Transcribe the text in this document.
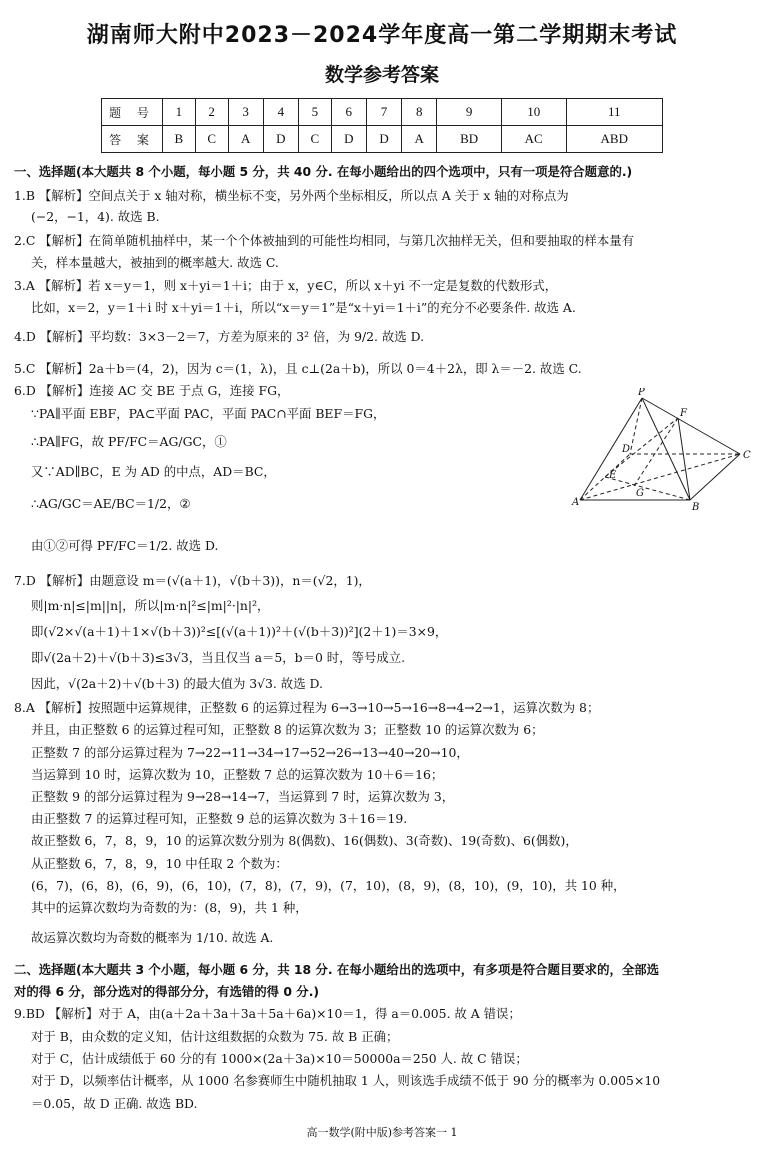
湖南师大附中2023－2024学年度高一第二学期期末考试
数学参考答案
题 号	1	2	3	4	5	6	7	8	9	10	11
答 案	B	C	A	D	C	D	D	A	BD	AC	ABD
一、选择题(本大题共 8 个小题，每小题 5 分，共 40 分. 在每小题给出的四个选项中，只有一项是符合题意的.)
1.B 【解析】空间点关于 x 轴对称，横坐标不变，另外两个坐标相反，所以点 A 关于 x 轴的对称点为
(−2，−1，4). 故选 B.
2.C 【解析】在简单随机抽样中，某一个个体被抽到的可能性均相同，与第几次抽样无关，但和要抽取的样本量有
关，样本量越大，被抽到的概率越大. 故选 C.
3.A 【解析】若 x＝y＝1，则 x＋yi＝1＋i；由于 x，y∈C，所以 x＋yi 不一定是复数的代数形式，
比如，x＝2，y＝1＋i 时 x＋yi＝1＋i，所以“x＝y＝1”是“x＋yi＝1＋i”的充分不必要条件. 故选 A.
4.D 【解析】平均数：3×3－2＝7，方差为原来的 3² 倍，为 9/2. 故选 D.
5.C 【解析】2a＋b＝(4，2)，因为 c＝(1，λ)，且 c⊥(2a＋b)，所以 0＝4＋2λ，即 λ＝－2. 故选 C.
6.D 【解析】连接 AC 交 BE 于点 G，连接 FG，
∵PA∥平面 EBF，PA⊂平面 PAC，平面 PAC∩平面 BEF＝FG，
∴PA∥FG，故 PF/FC＝AG/GC，①
又∵AD∥BC，E 为 AD 的中点，AD＝BC，
∴AG/GC＝AE/BC＝1/2，②
由①②可得 PF/FC＝1/2. 故选 D.
7.D 【解析】由题意设 m＝(√(a＋1)，√(b＋3))，n＝(√2，1)，
则|m·n|≤|m||n|，所以|m·n|²≤|m|²·|n|²，
即(√2×√(a＋1)＋1×√(b＋3))²≤[(√(a＋1))²＋(√(b＋3))²](2＋1)＝3×9，
即√(2a＋2)＋√(b＋3)≤3√3，当且仅当 a＝5，b＝0 时，等号成立.
因此，√(2a＋2)＋√(b＋3) 的最大值为 3√3. 故选 D.
8.A 【解析】按照题中运算规律，正整数 6 的运算过程为 6→3→10→5→16→8→4→2→1，运算次数为 8；
并且，由正整数 6 的运算过程可知，正整数 8 的运算次数为 3；正整数 10 的运算次数为 6；
正整数 7 的部分运算过程为 7→22→11→34→17→52→26→13→40→20→10，
当运算到 10 时，运算次数为 10，正整数 7 总的运算次数为 10＋6＝16；
正整数 9 的部分运算过程为 9→28→14→7，当运算到 7 时，运算次数为 3，
由正整数 7 的运算过程可知，正整数 9 总的运算次数为 3＋16＝19.
故正整数 6，7，8，9，10 的运算次数分别为 8(偶数)、16(偶数)、3(奇数)、19(奇数)、6(偶数)，
从正整数 6，7，8，9，10 中任取 2 个数为：
(6，7)，(6，8)，(6，9)，(6，10)，(7，8)，(7，9)，(7，10)，(8，9)，(8，10)，(9，10)，共 10 种，
其中的运算次数均为奇数的为：(8，9)，共 1 种，
故运算次数均为奇数的概率为 1/10. 故选 A.
二、选择题(本大题共 3 个小题，每小题 6 分，共 18 分. 在每小题给出的选项中，有多项是符合题目要求的，全部选
对的得 6 分，部分选对的得部分分，有选错的得 0 分.)
9.BD 【解析】对于 A，由(a＋2a＋3a＋3a＋5a＋6a)×10＝1，得 a＝0.005. 故 A 错误；
对于 B，由众数的定义知，估计这组数据的众数为 75. 故 B 正确；
对于 C，估计成绩低于 60 分的有 1000×(2a＋3a)×10＝50000a＝250 人. 故 C 错误；
对于 D，以频率估计概率，从 1000 名参赛师生中随机抽取 1 人，则该选手成绩不低于 90 分的概率为 0.005×10
＝0.05，故 D 正确. 故选 BD.
P
F
D
C
E
G
A	B
高一数学(附中版)参考答案一 1
